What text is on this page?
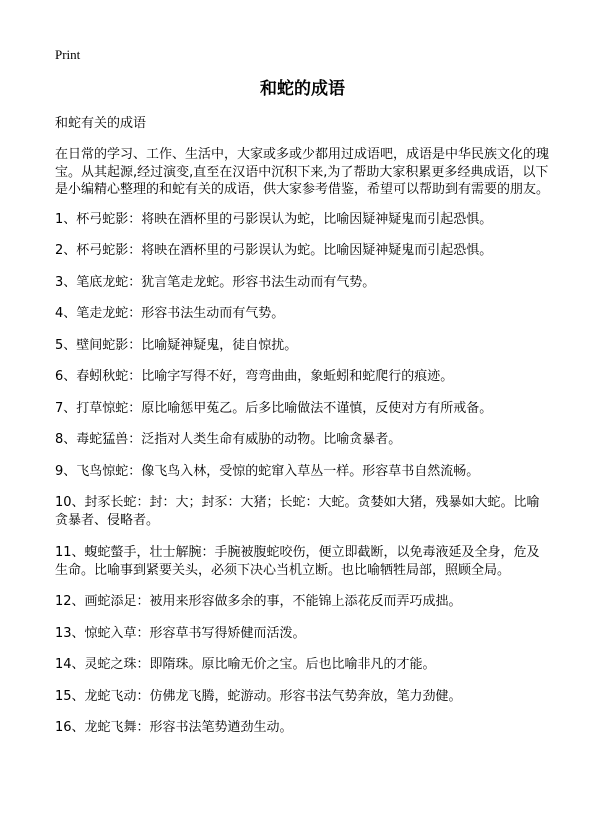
Print
和蛇的成语
和蛇有关的成语
在日常的学习、工作、生活中，大家或多或少都用过成语吧，成语是中华民族文化的瑰宝。从其起源,经过演变,直至在汉语中沉积下来,为了帮助大家积累更多经典成语，以下是小编精心整理的和蛇有关的成语，供大家参考借鉴，希望可以帮助到有需要的朋友。
1、杯弓蛇影：将映在酒杯里的弓影误认为蛇，比喻因疑神疑鬼而引起恐惧。
2、杯弓蛇影：将映在酒杯里的弓影误认为蛇。比喻因疑神疑鬼而引起恐惧。
3、笔底龙蛇：犹言笔走龙蛇。形容书法生动而有气势。
4、笔走龙蛇：形容书法生动而有气势。
5、壁间蛇影：比喻疑神疑鬼，徒自惊扰。
6、春蚓秋蛇：比喻字写得不好，弯弯曲曲，象蚯蚓和蛇爬行的痕迹。
7、打草惊蛇：原比喻惩甲菟乙。后多比喻做法不谨慎，反使对方有所戒备。
8、毒蛇猛兽：泛指对人类生命有威胁的动物。比喻贪暴者。
9、飞鸟惊蛇：像飞鸟入林，受惊的蛇窜入草丛一样。形容草书自然流畅。
10、封豕长蛇：封：大；封豕：大猪；长蛇：大蛇。贪婪如大猪，残暴如大蛇。比喻贪暴者、侵略者。
11、蝮蛇螫手，壮士解腕：手腕被腹蛇咬伤，便立即截断，以免毒液延及全身，危及生命。比喻事到紧要关头，必须下决心当机立断。也比喻牺牲局部，照顾全局。
12、画蛇添足：被用来形容做多余的事，不能锦上添花反而弄巧成拙。
13、惊蛇入草：形容草书写得矫健而活泼。
14、灵蛇之珠：即隋珠。原比喻无价之宝。后也比喻非凡的才能。
15、龙蛇飞动：仿佛龙飞腾，蛇游动。形容书法气势奔放，笔力劲健。
16、龙蛇飞舞：形容书法笔势遒劲生动。
